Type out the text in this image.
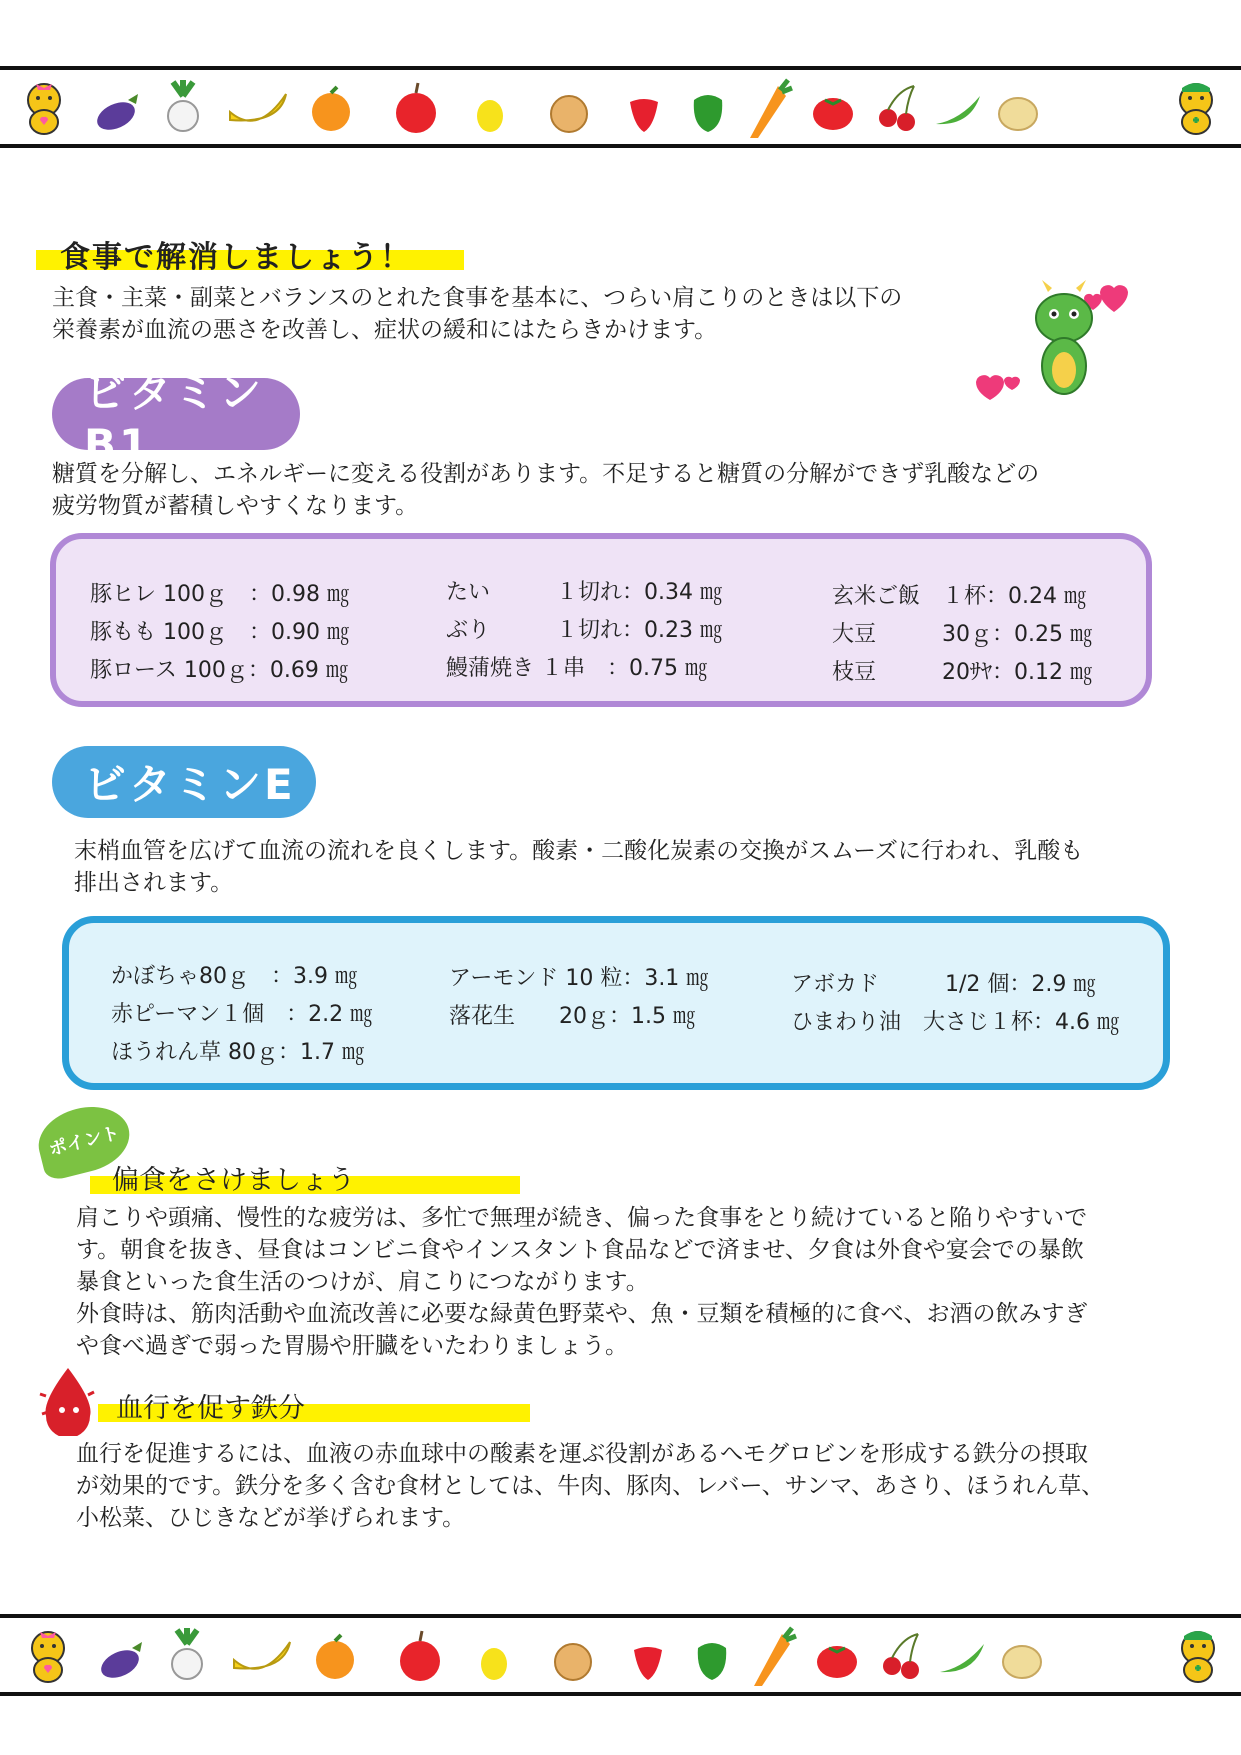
食事で解消しましょう！
主食・主菜・副菜とバランスのとれた食事を基本に、つらい肩こりのときは以下の
栄養素が血流の悪さを改善し、症状の緩和にはたらきかけます。
ビタミンB1
糖質を分解し、エネルギーに変える役割があります。不足すると糖質の分解ができず乳酸などの
疲労物質が蓄積しやすくなります。
豚ヒレ 100ｇ　：0.98 ㎎
豚もも 100ｇ　：0.90 ㎎
豚ロース 100ｇ：0.69 ㎎
たい　　　１切れ：0.34 ㎎
ぶり　　　１切れ：0.23 ㎎
鰻蒲焼き １串　：0.75 ㎎
玄米ご飯　１杯：0.24 ㎎
大豆　　　30ｇ：0.25 ㎎
枝豆　　　20ｻﾔ：0.12 ㎎
ビタミンE
末梢血管を広げて血流の流れを良くします。酸素・二酸化炭素の交換がスムーズに行われ、乳酸も
排出されます。
かぼちゃ80ｇ　：3.9 ㎎
赤ピーマン１個　：2.2 ㎎
ほうれん草 80ｇ：1.7 ㎎
アーモンド 10 粒：3.1 ㎎
落花生　　20ｇ：1.5 ㎎
アボカド　　　1/2 個：2.9 ㎎
ひまわり油　大さじ１杯：4.6 ㎎
ポイント
偏食をさけましょう
肩こりや頭痛、慢性的な疲労は、多忙で無理が続き、偏った食事をとり続けていると陥りやすいで
す。朝食を抜き、昼食はコンビニ食やインスタント食品などで済ませ、夕食は外食や宴会での暴飲
暴食といった食生活のつけが、肩こりにつながります。
外食時は、筋肉活動や血流改善に必要な緑黄色野菜や、魚・豆類を積極的に食べ、お酒の飲みすぎ
や食べ過ぎで弱った胃腸や肝臓をいたわりましょう。
血行を促す鉄分
血行を促進するには、血液の赤血球中の酸素を運ぶ役割があるへモグロビンを形成する鉄分の摂取
が効果的です。鉄分を多く含む食材としては、牛肉、豚肉、レバー、サンマ、あさり、ほうれん草、
小松菜、ひじきなどが挙げられます。
